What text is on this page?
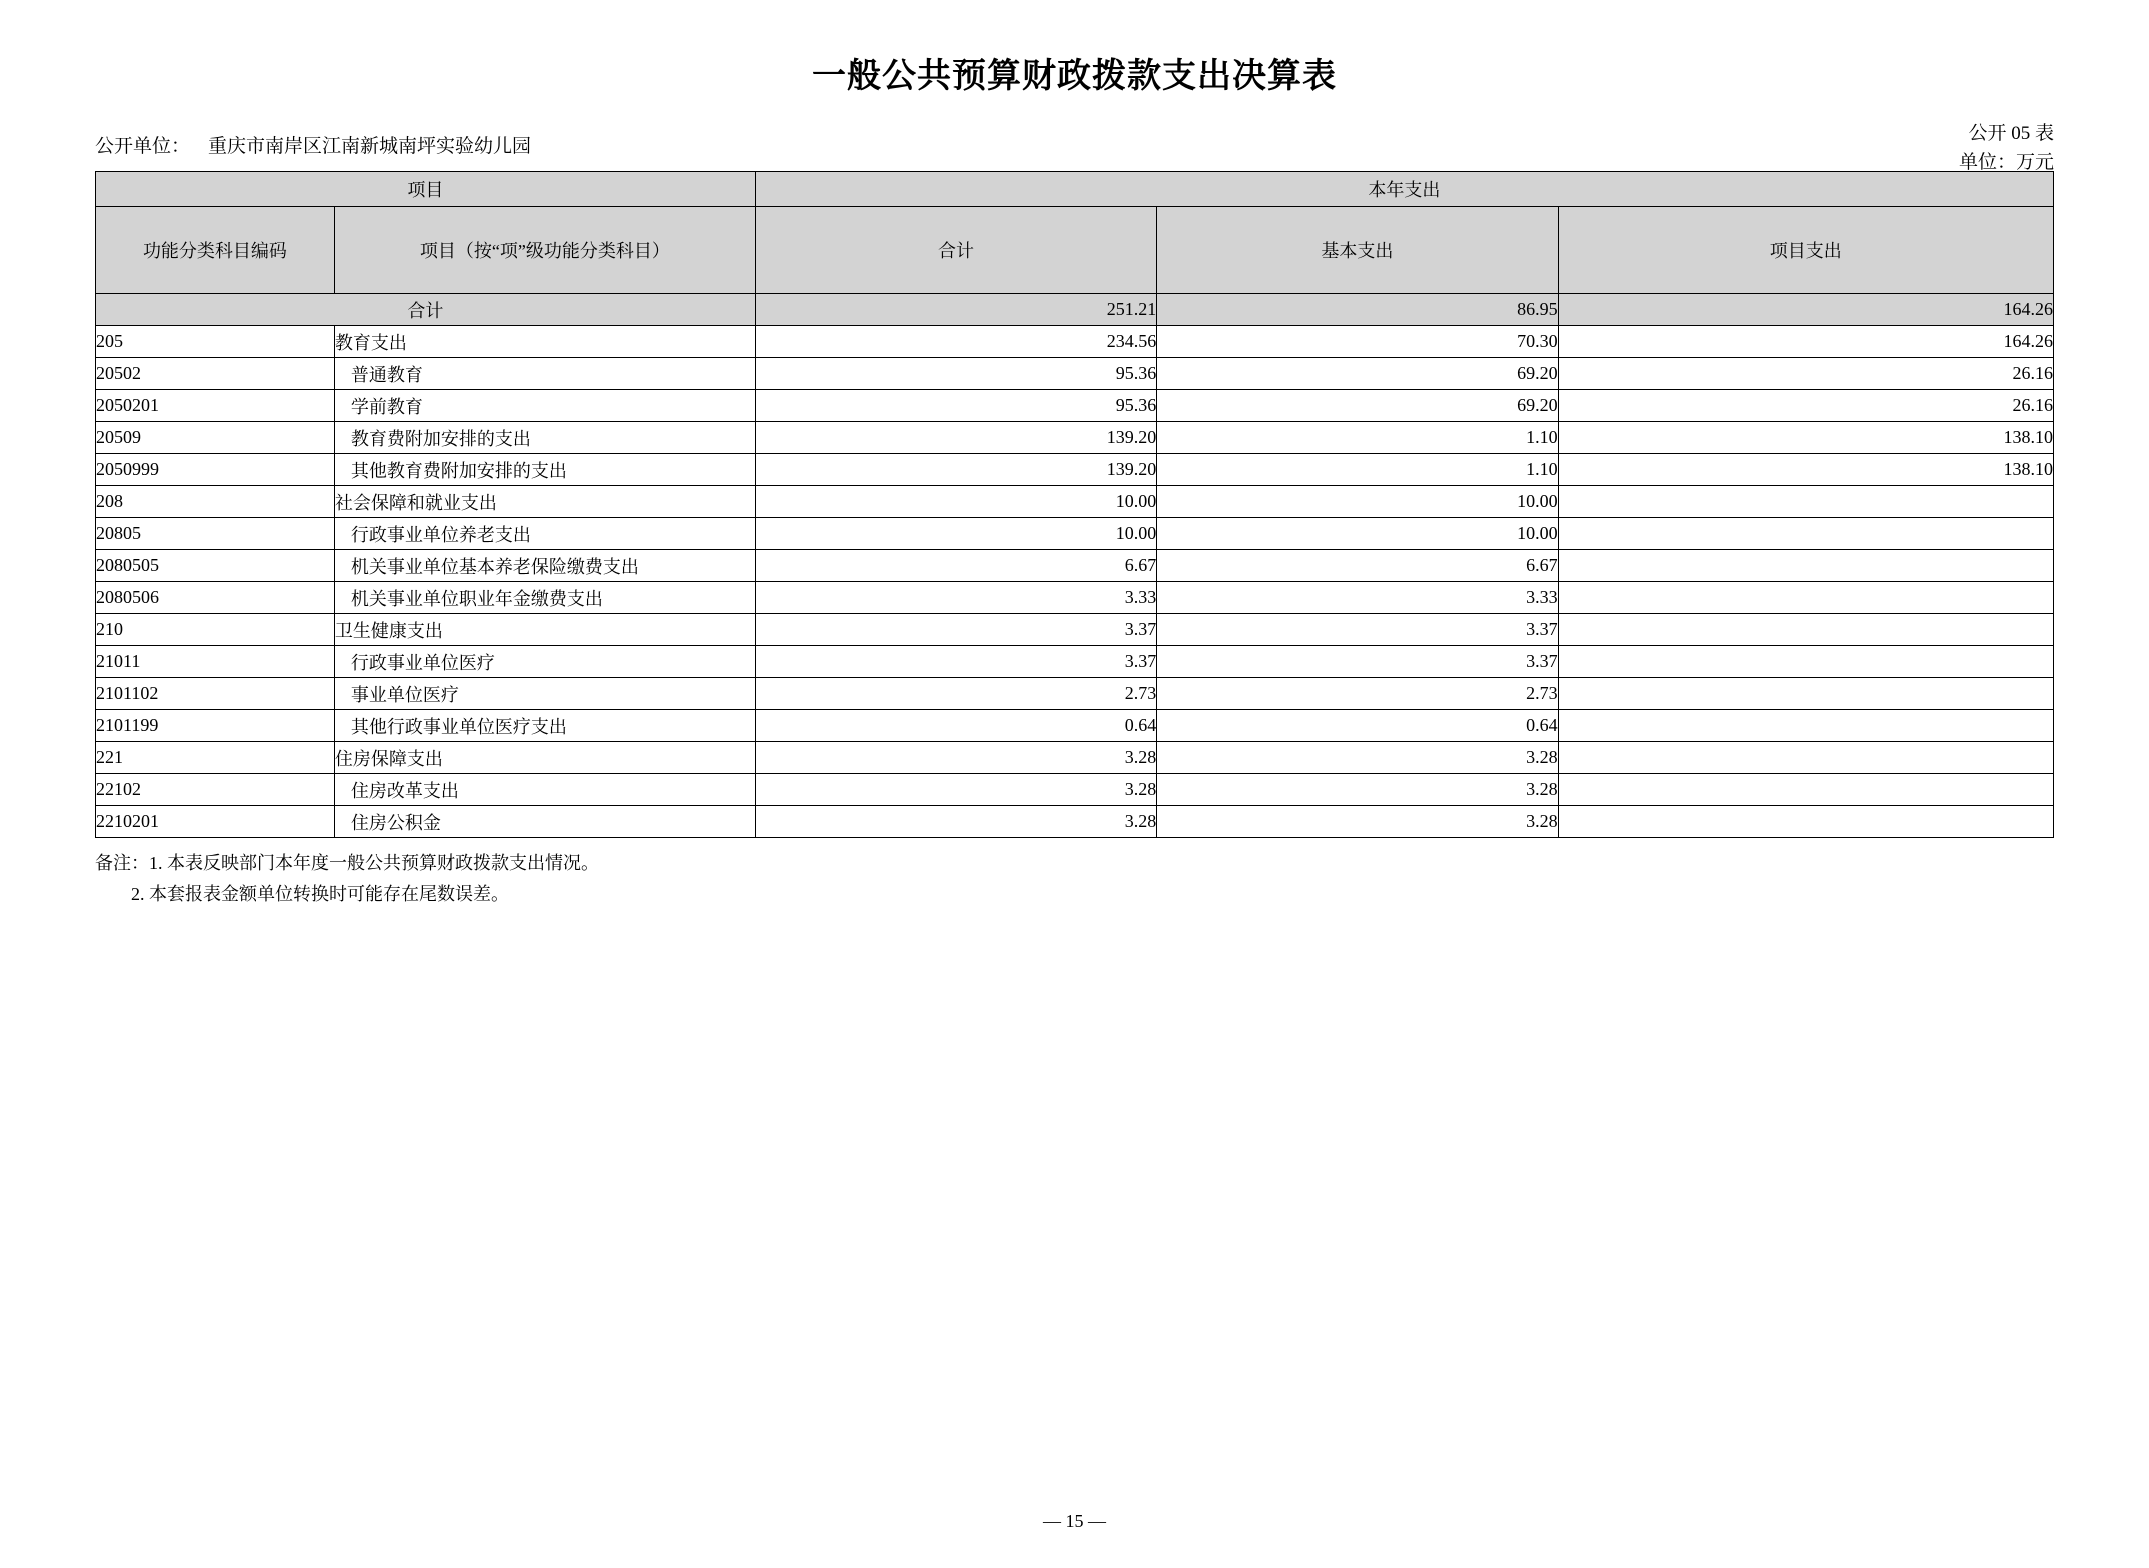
一般公共预算财政拨款支出决算表
公开 05 表
单位：万元
公开单位： 重庆市南岸区江南新城南坪实验幼儿园
项目		本年支出		
功能分类科目编码	项目（按“项”级功能分类科目）	合计	基本支出	项目支出
合计		251.21	86.95	164.26
205	教育支出	234.56	70.30	164.26
20502	普通教育	95.36	69.20	26.16
2050201	学前教育	95.36	69.20	26.16
20509	教育费附加安排的支出	139.20	1.10	138.10
2050999	其他教育费附加安排的支出	139.20	1.10	138.10
208	社会保障和就业支出	10.00	10.00	
20805	行政事业单位养老支出	10.00	10.00	
2080505	机关事业单位基本养老保险缴费支出	6.67	6.67	
2080506	机关事业单位职业年金缴费支出	3.33	3.33	
210	卫生健康支出	3.37	3.37	
21011	行政事业单位医疗	3.37	3.37	
2101102	事业单位医疗	2.73	2.73	
2101199	其他行政事业单位医疗支出	0.64	0.64	
221	住房保障支出	3.28	3.28	
22102	住房改革支出	3.28	3.28	
2210201	住房公积金	3.28	3.28	
备注：1. 本表反映部门本年度一般公共预算财政拨款支出情况。
2. 本套报表金额单位转换时可能存在尾数误差。
— 15 —
